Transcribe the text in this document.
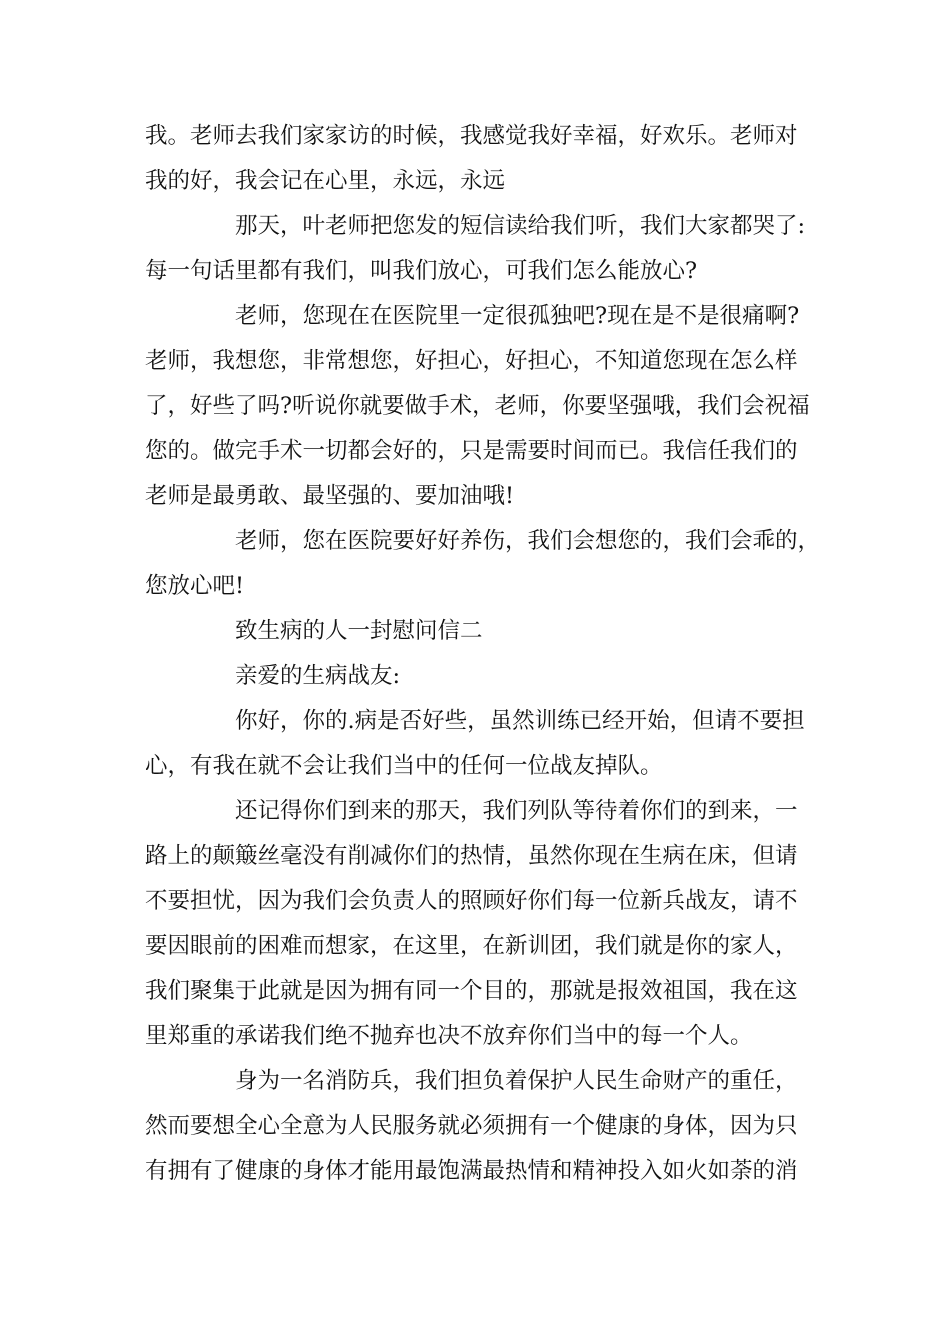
我。老师去我们家家访的时候，我感觉我好幸福，好欢乐。老师对
我的好，我会记在心里，永远，永远
那天，叶老师把您发的短信读给我们听，我们大家都哭了:
每一句话里都有我们，叫我们放心，可我们怎么能放心?
老师，您现在在医院里一定很孤独吧?现在是不是很痛啊?
老师，我想您，非常想您，好担心，好担心，不知道您现在怎么样
了，好些了吗?听说你就要做手术，老师，你要坚强哦，我们会祝福
您的。做完手术一切都会好的，只是需要时间而已。我信任我们的
老师是最勇敢、最坚强的、要加油哦!
老师，您在医院要好好养伤，我们会想您的，我们会乖的，
您放心吧!
致生病的人一封慰问信二
亲爱的生病战友:
你好，你的.病是否好些，虽然训练已经开始，但请不要担
心，有我在就不会让我们当中的任何一位战友掉队。
还记得你们到来的那天，我们列队等待着你们的到来，一
路上的颠簸丝毫没有削减你们的热情，虽然你现在生病在床，但请
不要担忧，因为我们会负责人的照顾好你们每一位新兵战友，请不
要因眼前的困难而想家，在这里，在新训团，我们就是你的家人，
我们聚集于此就是因为拥有同一个目的，那就是报效祖国，我在这
里郑重的承诺我们绝不抛弃也决不放弃你们当中的每一个人。
身为一名消防兵，我们担负着保护人民生命财产的重任，
然而要想全心全意为人民服务就必须拥有一个健康的身体，因为只
有拥有了健康的身体才能用最饱满最热情和精神投入如火如荼的消
